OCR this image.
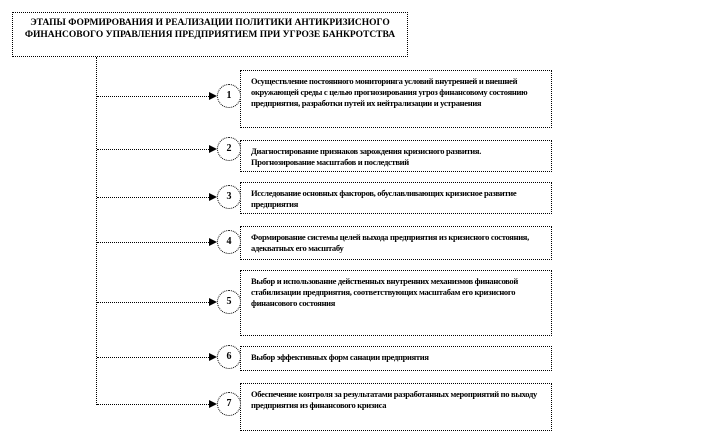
ЭТАПЫ ФОРМИРОВАНИЯ И РЕАЛИЗАЦИИ ПОЛИТИКИ АНТИКРИЗИСНОГО ФИНАНСОВОГО УПРАВЛЕНИЯ ПРЕДПРИЯТИЕМ ПРИ УГРОЗЕ БАНКРОТСТВА
Осуществление постоянного мониторинга условий внутренней и внешней окружающей среды с целью прогнозирования угроз финансовому состоянию предприятия, разработки путей их нейтрализации и устранения
1
Диагностирование признаков зарождения кризисного развития. Прогнозирование масштабов и последствий
2
Исследование основных факторов, обуславливающих кризисное развитие предприятия
3
Формирование системы целей выхода предприятия из кризисного состояния, адекватных его масштабу
4
Выбор и использование действенных внутренних механизмов финансовой стабилизации предприятия, соответствующих масштабам его кризисного финансового состояния
5
Выбор эффективных форм санации предприятия
6
Обеспечение контроля за результатами разработанных мероприятий по выходу предприятия из финансового кризиса
7
